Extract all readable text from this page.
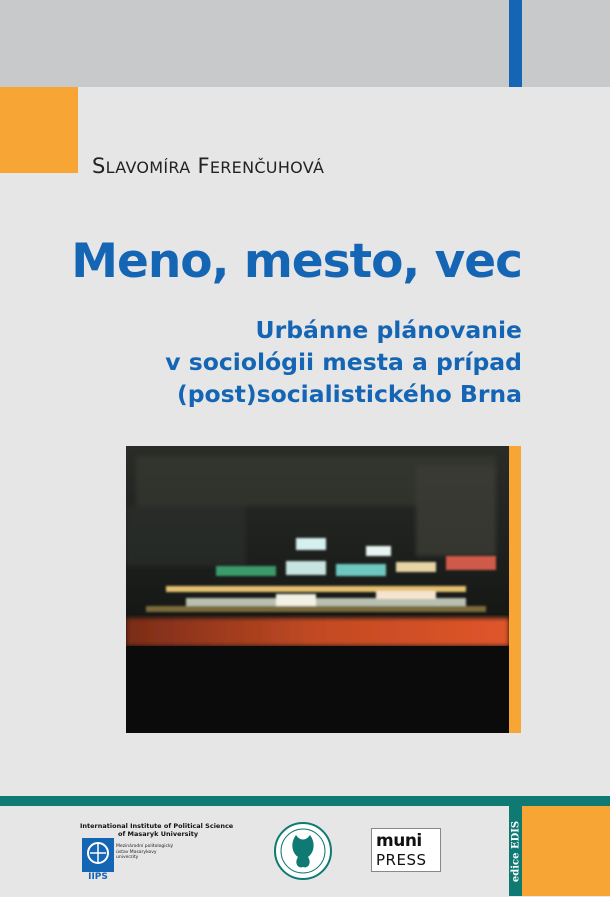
SLAVOMÍRA FERENČUHOVÁ
Meno, mesto, vec
Urbánne plánovanie
v sociológii mesta a prípad
(post)socialistického Brna
International Institute of Political Science
of Masaryk University
IIPS
Mezinárodní politologický
ústav Masarykovy
univerzity
muni
PRESS	edice EDIS
